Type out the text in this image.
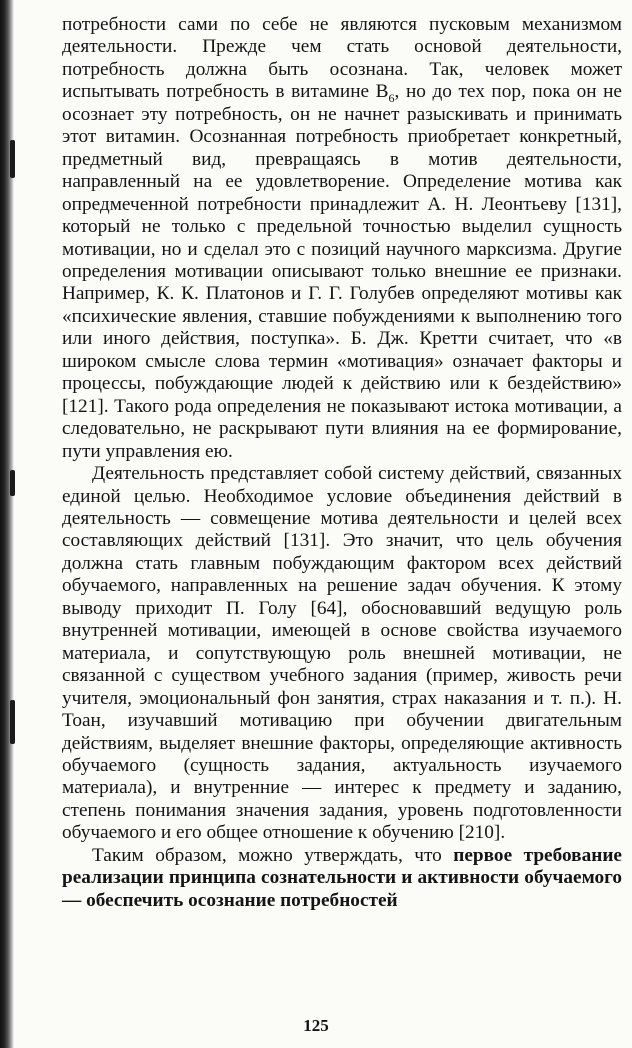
потребности сами по себе не являются пусковым механизмом деятельности. Прежде чем стать основой деятельности, потребность должна быть осознана. Так, человек может испытывать потребность в витамине $В_6$, но до тех пор, пока он не осознает эту потребность, он не начнет разыскивать и принимать этот витамин. Осознанная потребность приобретает конкретный, предметный вид, превращаясь в мотив деятельности, направленный на ее удовлетворение. Определение мотива как опредмеченной потребности принадлежит А. Н. Леонтьеву [131], который не только с предельной точностью выделил сущность мотивации, но и сделал это с позиций научного марксизма. Другие определения мотивации описывают только внешние ее признаки. Например, К. К. Платонов и Г. Г. Голубев определяют мотивы как «психические явления, ставшие побуждениями к выполнению того или иного действия, поступка». Б. Дж. Кретти считает, что «в широком смысле слова термин «мотивация» означает факторы и процессы, побуждающие людей к действию или к бездействию» [121]. Такого рода определения не показывают истока мотивации, а следовательно, не раскрывают пути влияния на ее формирование, пути управления ею.

Деятельность представляет собой систему действий, связанных единой целью. Необходимое условие объединения действий в деятельность — совмещение мотива деятельности и целей всех составляющих действий [131]. Это значит, что цель обучения должна стать главным побуждающим фактором всех действий обучаемого, направленных на решение задач обучения. К этому выводу приходит П. Голу [64], обосновавший ведущую роль внутренней мотивации, имеющей в основе свойства изучаемого материала, и сопутствующую роль внешней мотивации, не связанной с существом учебного задания (пример, живость речи учителя, эмоциональный фон занятия, страх наказания и т. п.). Н. Тоан, изучавший мотивацию при обучении двигательным действиям, выделяет внешние факторы, определяющие активность обучаемого (сущность задания, актуальность изучаемого материала), и внутренние — интерес к предмету и заданию, степень понимания значения задания, уровень подготовленности обучаемого и его общее отношение к обучению [210].

Таким образом, можно утверждать, что первое требование реализации принципа сознательности и активности обучаемого — обеспечить осознание потребностей

125
